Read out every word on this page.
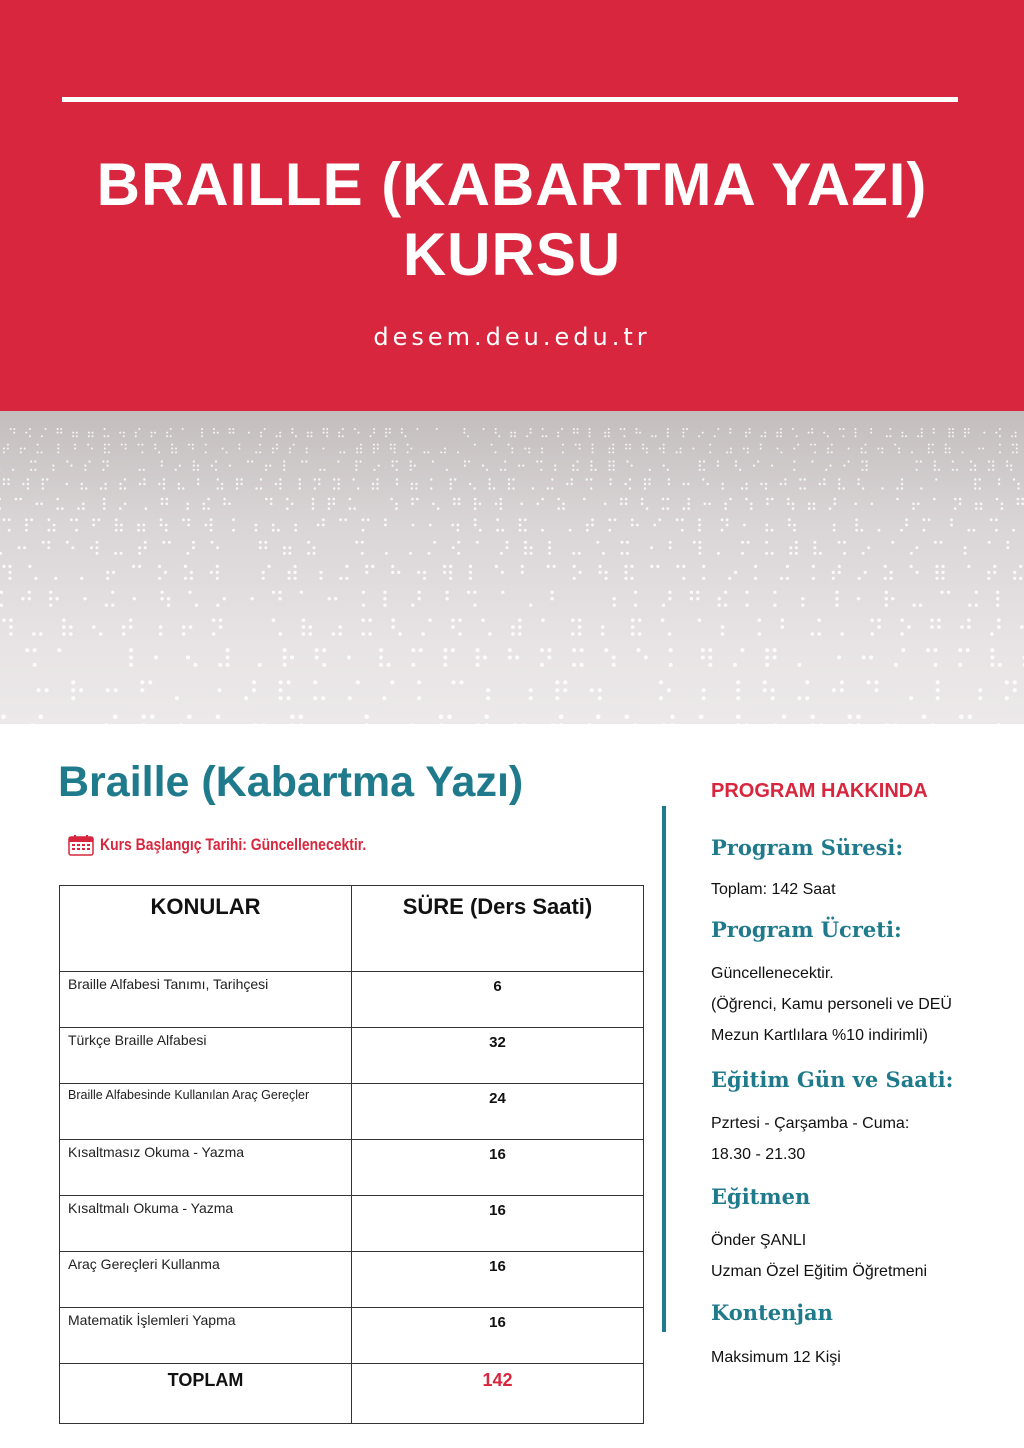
BRAILLE (KABARTMA YAZI)
KURSU
desem.deu.edu.tr
Braille (Kabartma Yazı)
Kurs Başlangıç Tarihi: Güncellenecektir.
KONULAR	SÜRE (Ders Saati)
Braille Alfabesi Tanımı, Tarihçesi	6
Türkçe Braille Alfabesi	32
Braille Alfabesinde Kullanılan Araç Gereçler	24
Kısaltmasız Okuma - Yazma	16
Kısaltmalı Okuma - Yazma	16
Araç Gereçleri Kullanma	16
Matematik İşlemleri Yapma	16
TOPLAM	142
PROGRAM HAKKINDA
Program Süresi:
Toplam: 142 Saat
Program Ücreti:
Güncellenecektir.
(Öğrenci, Kamu personeli ve DEÜ
Mezun Kartlılara %10 indirimli)
Eğitim Gün ve Saati:
Pzrtesi - Çarşamba - Cuma:
18.30 - 21.30
Eğitmen
Önder ŞANLI
Uzman Özel Eğitim Öğretmeni
Kontenjan
Maksimum 12 Kişi
